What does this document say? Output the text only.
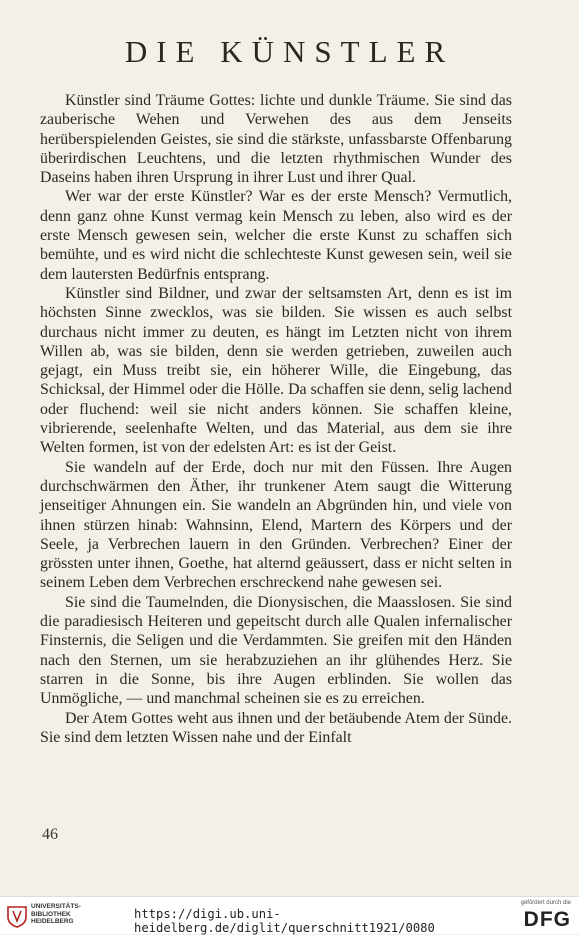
DIE KÜNSTLER

Künstler sind Träume Gottes: lichte und dunkle Träume. Sie sind das zauberische Wehen und Verwehen des aus dem Jenseits herüberspielenden Geistes, sie sind die stärkste, unfassbarste Offenbarung überirdischen Leuchtens, und die letzten rhythmischen Wunder des Daseins haben ihren Ursprung in ihrer Lust und ihrer Qual.

Wer war der erste Künstler? War es der erste Mensch? Vermutlich, denn ganz ohne Kunst vermag kein Mensch zu leben, also wird es der erste Mensch gewesen sein, welcher die erste Kunst zu schaffen sich bemühte, und es wird nicht die schlechteste Kunst gewesen sein, weil sie dem lautersten Bedürfnis entsprang.

Künstler sind Bildner, und zwar der seltsamsten Art, denn es ist im höchsten Sinne zwecklos, was sie bilden. Sie wissen es auch selbst durchaus nicht immer zu deuten, es hängt im Letzten nicht von ihrem Willen ab, was sie bilden, denn sie werden getrieben, zuweilen auch gejagt, ein Muss treibt sie, ein höherer Wille, die Eingebung, das Schicksal, der Himmel oder die Hölle. Da schaffen sie denn, selig lachend oder fluchend: weil sie nicht anders können. Sie schaffen kleine, vibrierende, seelenhafte Welten, und das Material, aus dem sie ihre Welten formen, ist von der edelsten Art: es ist der Geist.

Sie wandeln auf der Erde, doch nur mit den Füssen. Ihre Augen durchschwärmen den Äther, ihr trunkener Atem saugt die Witterung jenseitiger Ahnungen ein. Sie wandeln an Abgründen hin, und viele von ihnen stürzen hinab: Wahnsinn, Elend, Martern des Körpers und der Seele, ja Verbrechen lauern in den Gründen. Verbrechen? Einer der grössten unter ihnen, Goethe, hat alternd geäussert, dass er nicht selten in seinem Leben dem Verbrechen erschreckend nahe gewesen sei.

Sie sind die Taumelnden, die Dionysischen, die Maasslosen. Sie sind die paradiesisch Heiteren und gepeitscht durch alle Qualen infernalischer Finsternis, die Seligen und die Verdammten. Sie greifen mit den Händen nach den Sternen, um sie herabzuziehen an ihr glühendes Herz. Sie starren in die Sonne, bis ihre Augen erblinden. Sie wollen das Unmögliche, — und manchmal scheinen sie es zu erreichen.

Der Atem Gottes weht aus ihnen und der betäubende Atem der Sünde. Sie sind dem letzten Wissen nahe und der Einfalt

46
UNIVERSITÄTS-
BIBLIOTHEK
HEIDELBERG
https://digi.ub.uni-heidelberg.de/diglit/querschnitt1921/0080
gefördert durch die
DFG
